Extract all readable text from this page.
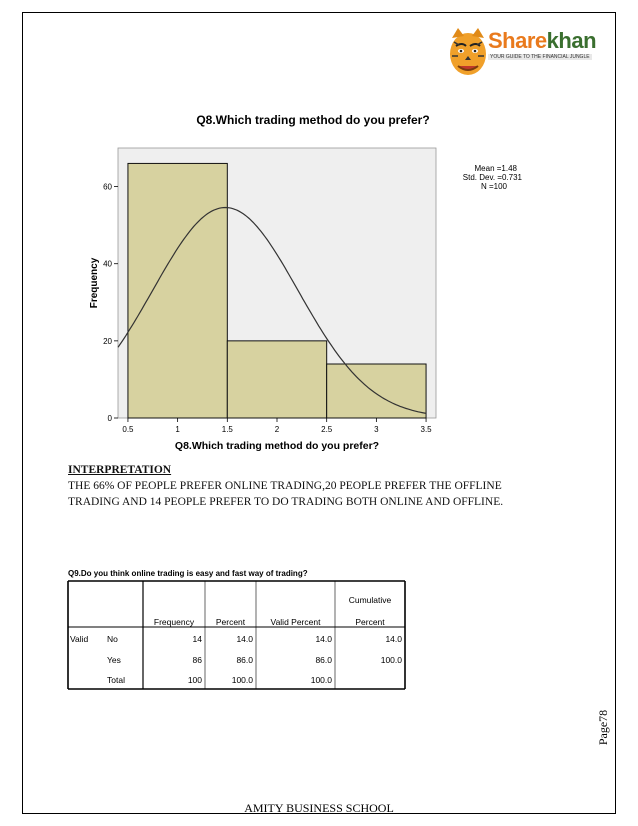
Sharekhan
YOUR GUIDE TO THE FINANCIAL JUNGLE
Q8.Which trading method do you prefer?
0.5	1	1.5	2	2.5	3	3.5
0
20
40
60
Frequency
Q8.Which trading method do you prefer?
Mean =1.48
Std. Dev. =0.731
N =100
INTERPRETATION
THE 66% OF PEOPLE PREFER ONLINE TRADING,20 PEOPLE PREFER THE OFFLINE
TRADING AND 14 PEOPLE PREFER TO DO TRADING BOTH ONLINE AND OFFLINE.
Q9.Do you think online trading is easy and fast way of trading?
Frequency	Percent	Valid Percent
Cumulative
Percent
Valid No	14	14.0	14.0	14.0
Yes	86	86.0	86.0	100.0
Total	100	100.0	100.0
Page78
AMITY BUSINESS SCHOOL
